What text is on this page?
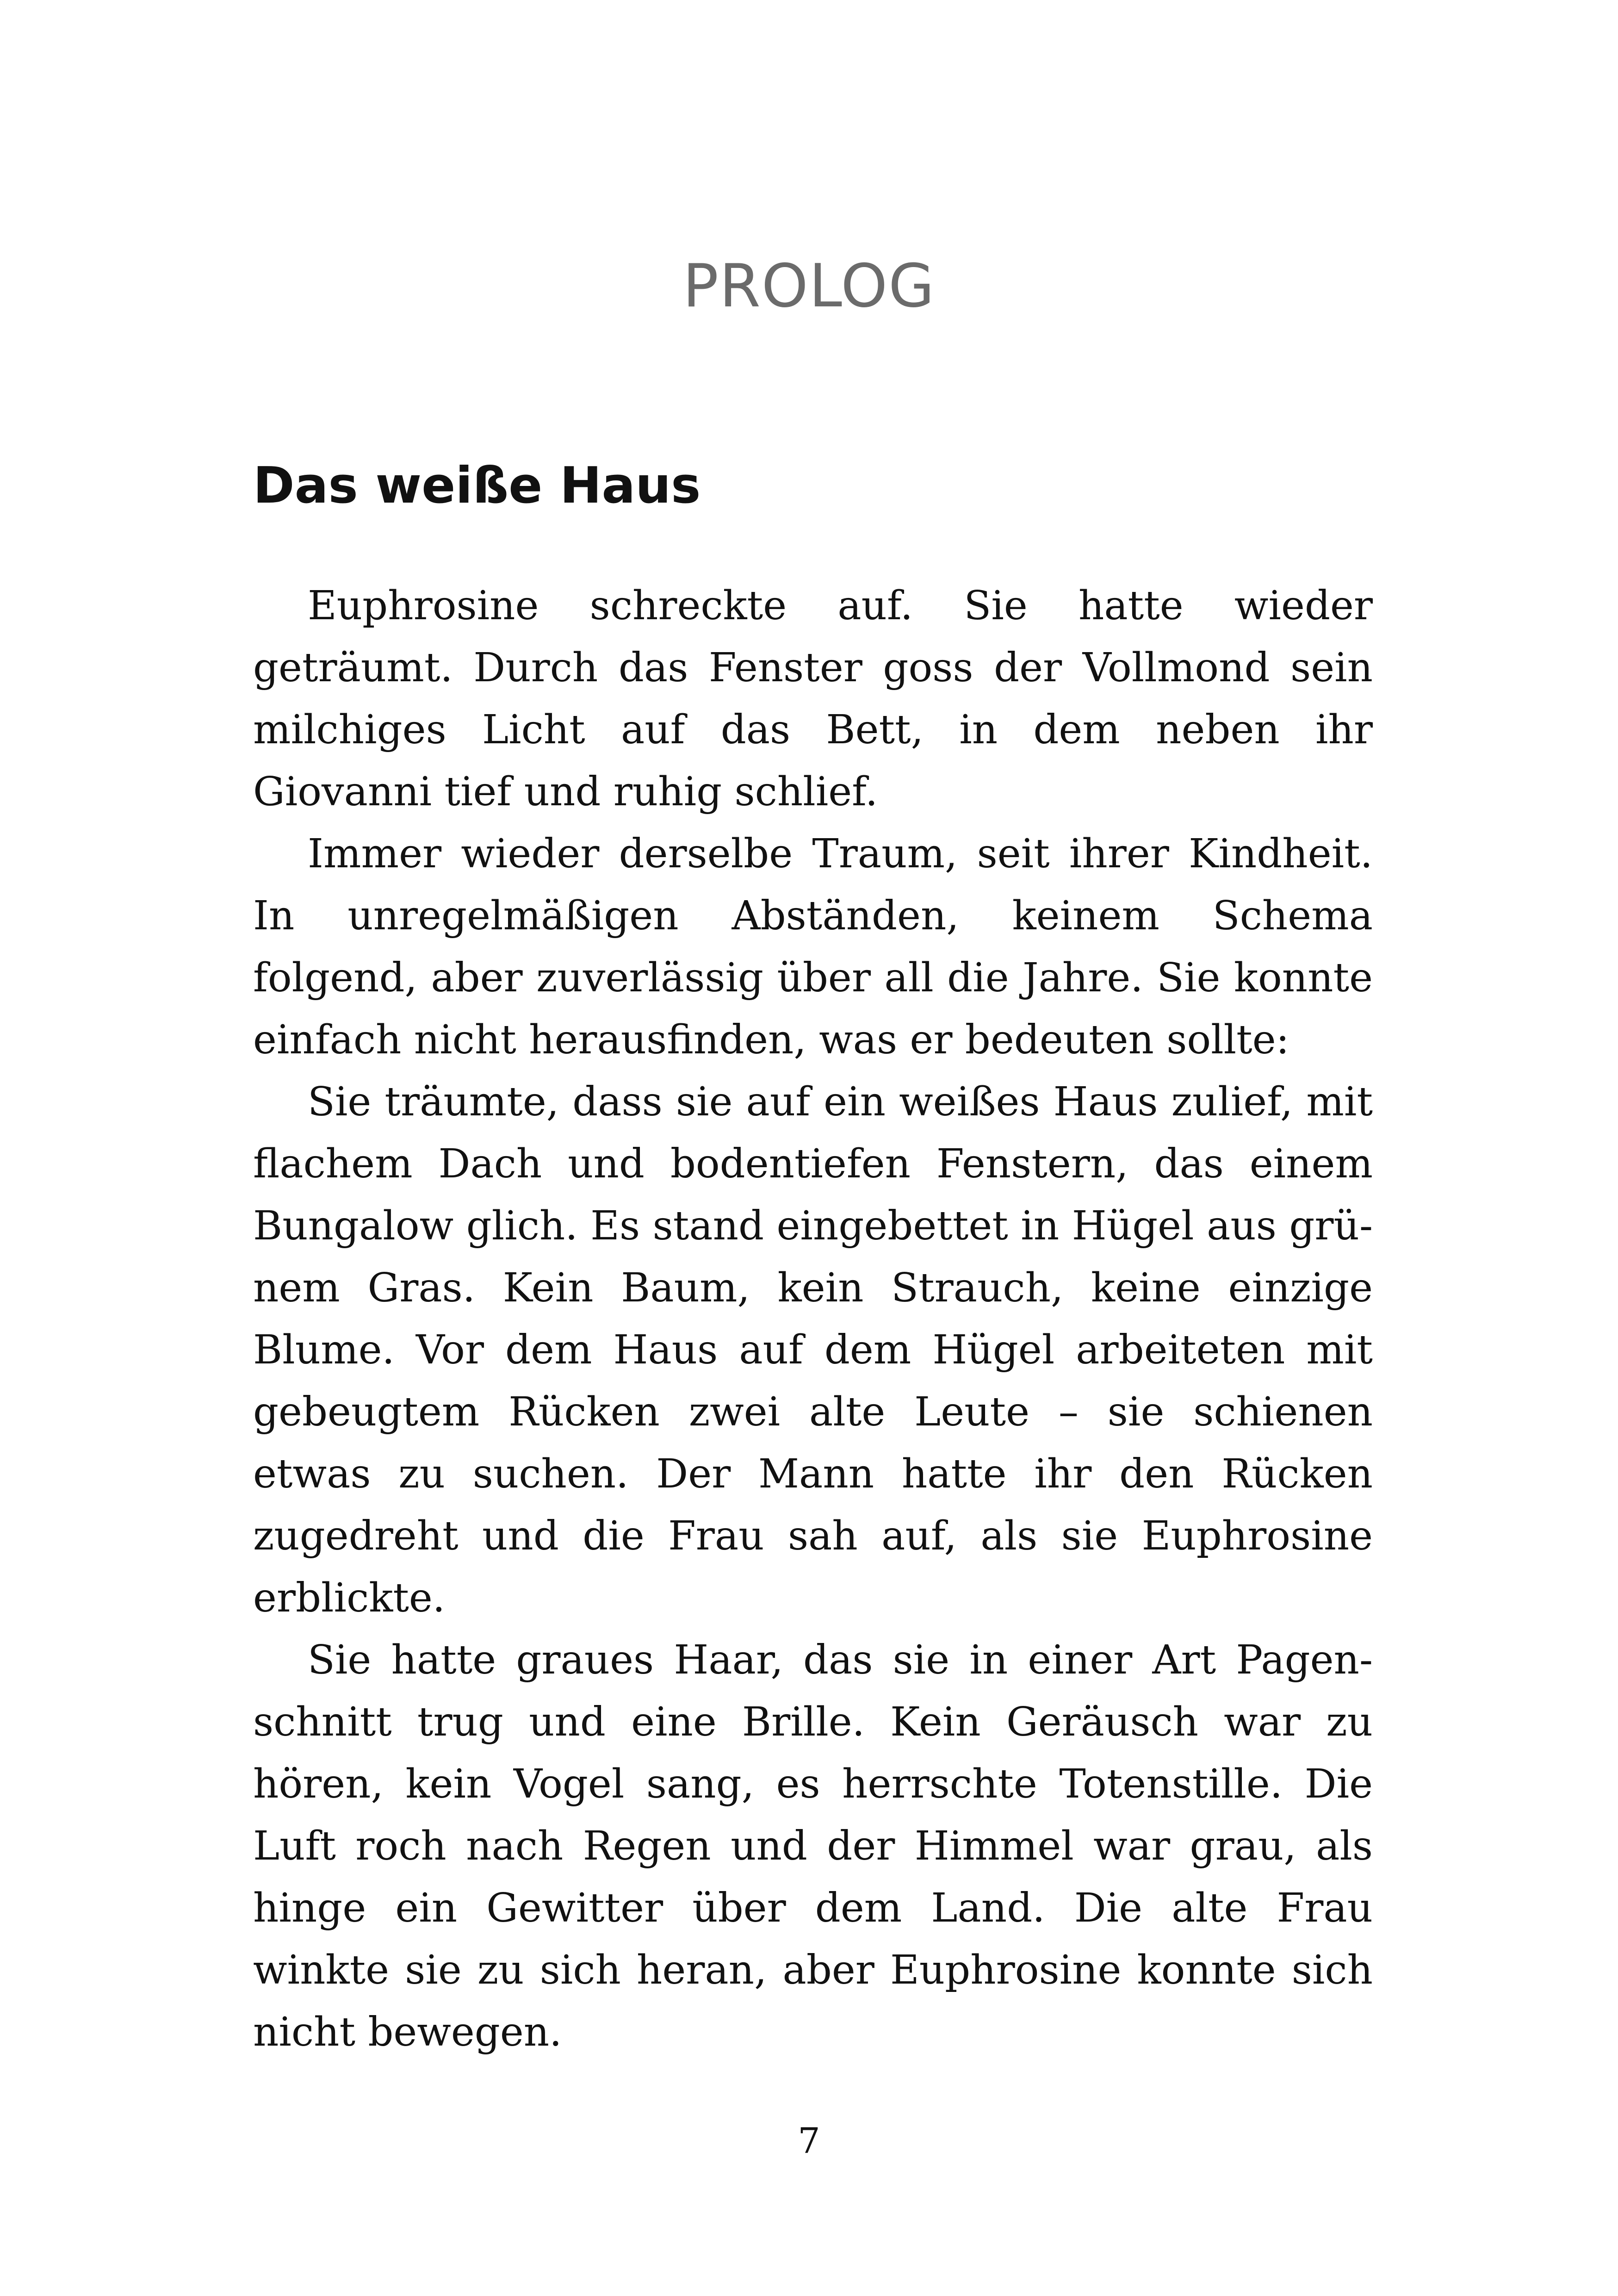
PROLOG
Das weiße Haus

Euphrosine schreckte auf. Sie hatte wieder geträumt. Durch das Fenster goss der Vollmond sein milchiges Licht auf das Bett, in dem neben ihr Giovanni tief und ruhig schlief.

Immer wieder derselbe Traum, seit ihrer Kindheit. In unregelmäßigen Abständen, keinem Schema folgend, aber zuverlässig über all die Jahre. Sie konnte einfach nicht herausfinden, was er bedeuten sollte:

Sie träumte, dass sie auf ein weißes Haus zulief, mit flachem Dach und bodentiefen Fenstern, das einem Bungalow glich. Es stand eingebettet in Hügel aus grünem Gras. Kein Baum, kein Strauch, keine einzige Blume. Vor dem Haus auf dem Hügel arbeiteten mit gebeugtem Rücken zwei alte Leute – sie schienen etwas zu suchen. Der Mann hatte ihr den Rücken zugedreht und die Frau sah auf, als sie Euphrosine erblickte.

Sie hatte graues Haar, das sie in einer Art Pagenschnitt trug und eine Brille. Kein Geräusch war zu hören, kein Vogel sang, es herrschte Totenstille. Die Luft roch nach Regen und der Himmel war grau, als hinge ein Gewitter über dem Land. Die alte Frau winkte sie zu sich heran, aber Euphrosine konnte sich nicht bewegen.

7
